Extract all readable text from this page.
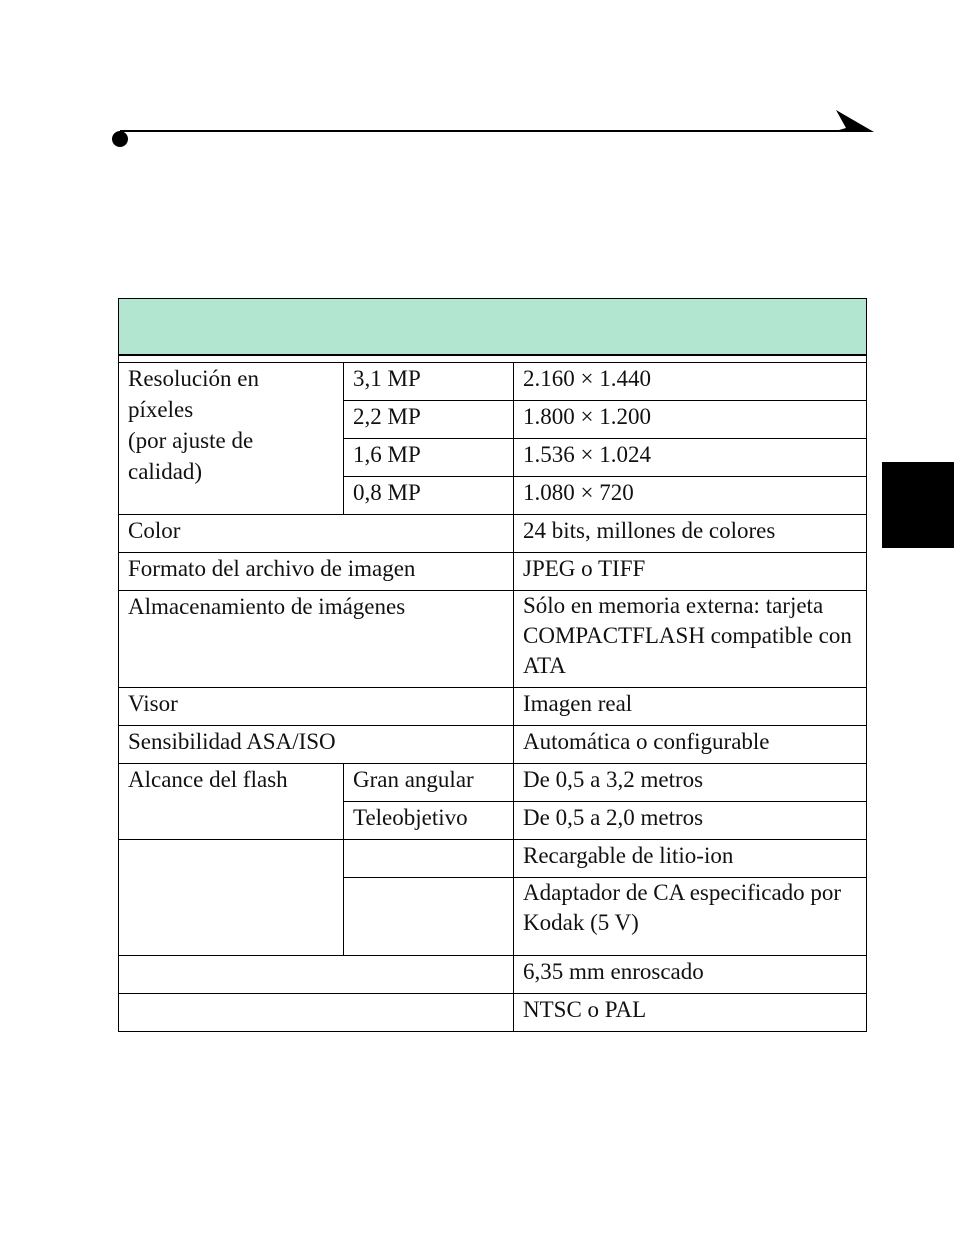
Resolución en
píxeles
(por ajuste de
calidad)	3,1 MP	2.160 × 1.440
	2,2 MP	1.800 × 1.200
	1,6 MP	1.536 × 1.024
	0,8 MP	1.080 × 720
Color		24 bits, millones de colores
Formato del archivo de imagen		JPEG o TIFF
Almacenamiento de imágenes		Sólo en memoria externa: tarjeta
COMPACTFLASH compatible con
ATA
Visor		Imagen real
Sensibilidad ASA/ISO		Automática o configurable
Alcance del flash	Gran angular	De 0,5 a 3,2 metros
	Teleobjetivo	De 0,5 a 2,0 metros
		Recargable de litio-ion
		Adaptador de CA especificado por
Kodak (5 V)
		6,35 mm enroscado
		NTSC o PAL
